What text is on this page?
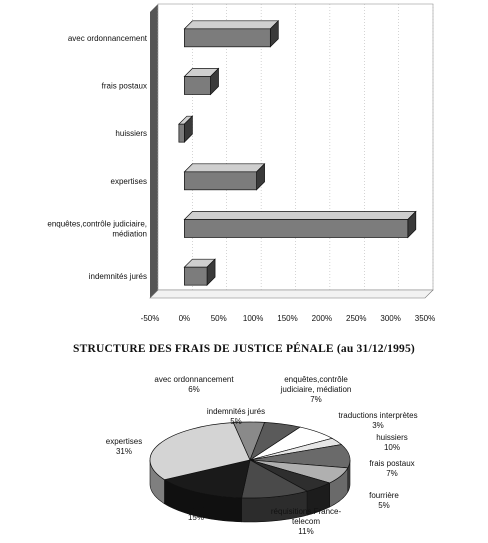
-50% 0%	50% 100% 150% 200% 250% 300% 350%
avec ordonnancement
frais postaux
huissiers
expertises
enquêtes,contrôle judiciaire,
médiation
indemnités jurés
STRUCTURE DES FRAIS DE JUSTICE PÉNALE (au 31/12/1995)
enquêtes,contrôle
judiciaire, médiation
7%
traductions interprètes
3%
huissiers
10%
frais postaux
7%
fourrière
5%
réquisitions France-
telecom
11%
divers
15%
expertises
31%
indemnités jurés
5%
avec ordonnancement
6%
